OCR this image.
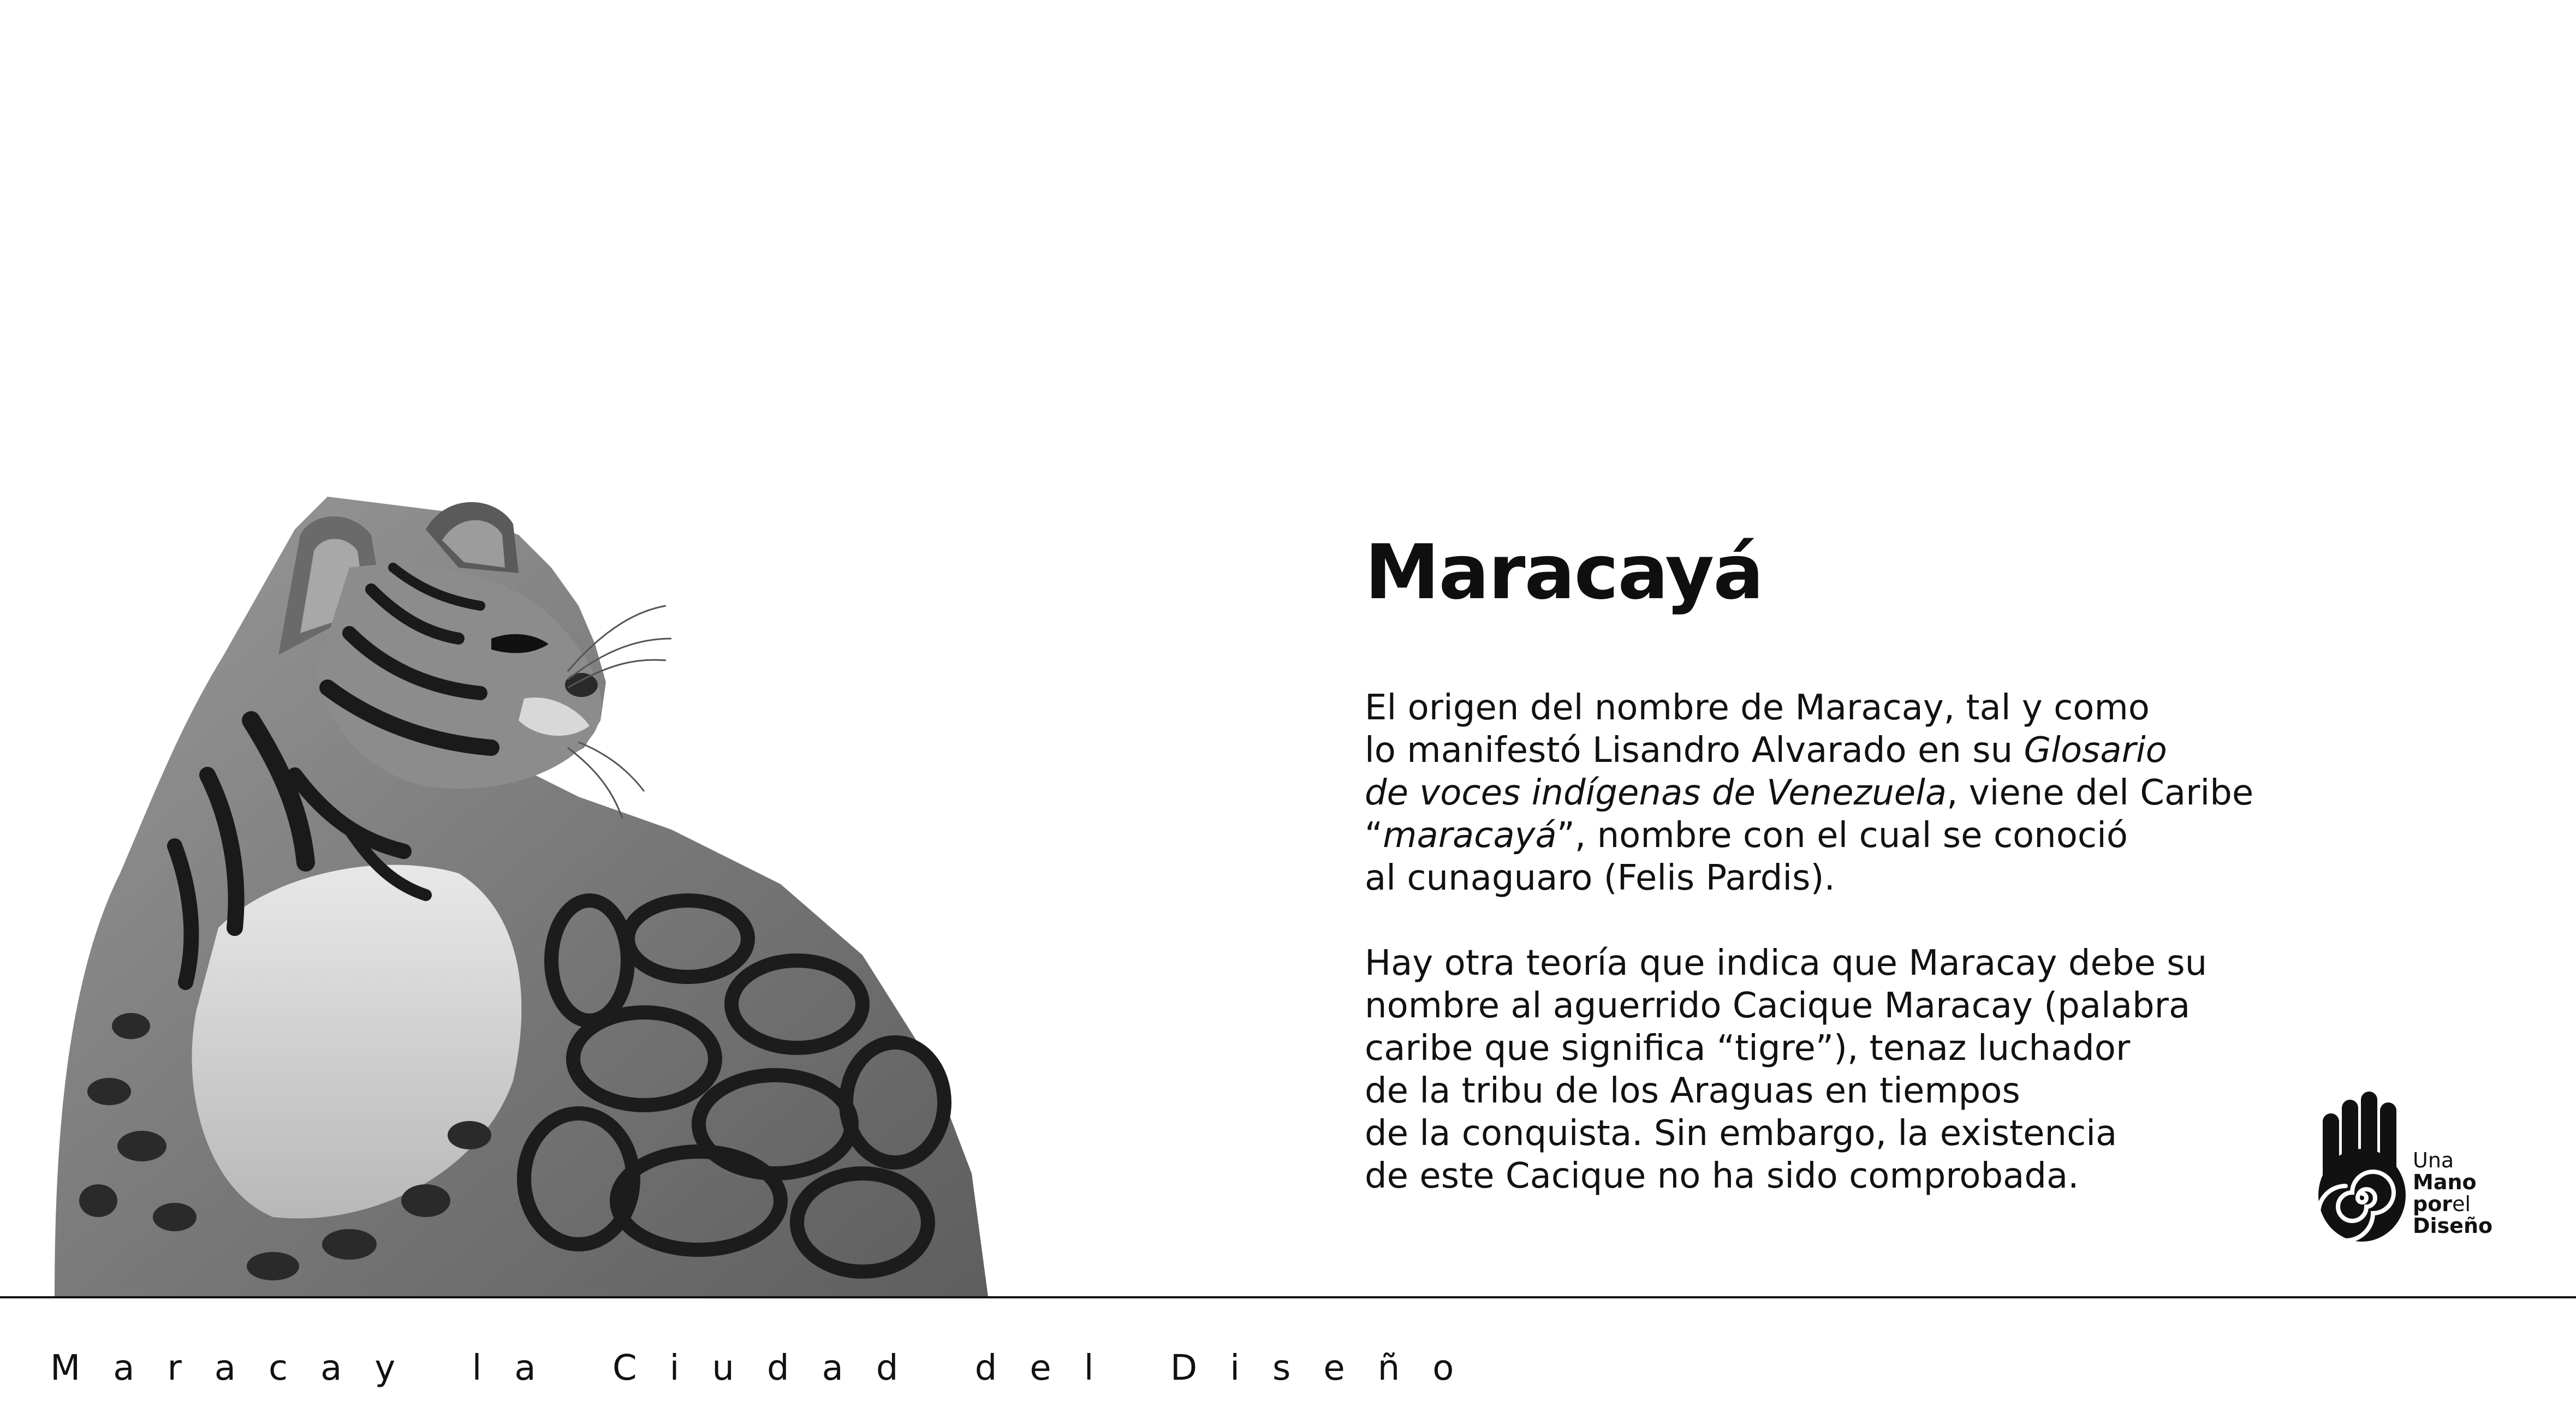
Maracayá

El origen del nombre de Maracay, tal y como
lo manifestó Lisandro Alvarado en su Glosario
de voces indígenas de Venezuela, viene del Caribe
“maracayá”, nombre con el cual se conoció
al cunaguaro (Felis Pardis).

Hay otra teoría que indica que Maracay debe su
nombre al aguerrido Cacique Maracay (palabra
caribe que significa “tigre”), tenaz luchador
de la tribu de los Araguas en tiempos
de la conquista. Sin embargo, la existencia
de este Cacique no ha sido comprobada.	Una
Mano
porel
Diseño
Maracay la Ciudad del Diseño
